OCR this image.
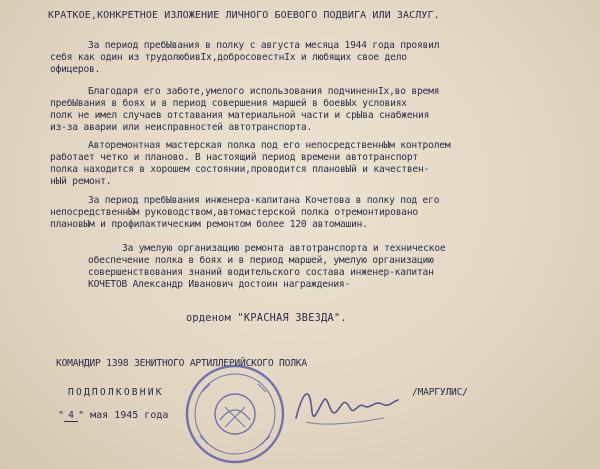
КРАТКОЕ,КОНКРЕТНОЕ ИЗЛОЖЕНИЕ ЛИЧНОГО БОЕВОГО ПОДВИГА ИЛИ ЗАСЛУГ.
За период пребЫвания в полку с августа месяца 1944 года проявил
себя как один из трудолюбивIх,добросовестнIх и любящих свое дело
офицеров.
Благодаря его заботе,умелого использования подчиненнIх,во время
пребЫвания в боях и в период совершения маршей в боевЫх условиях
полк не имел случаев отставания материальной части и срЫва снабжения
из-за аварии или неисправностей автотранспорта.
Авторемонтная мастерская полка под его непосредственнЫм контролем
работает четко и планово. В настоящий период времени автотранспорт
полка находится в хорошем состоянии,проводится плановЫй и качествен-
нЫй ремонт.
За период пребЫвания инженера-капитана Кочетова в полку под его
непосредственнЫм руководством,автомастерской полка отремонтировано
плановЫм и профилактическим ремонтом более 120 автомашин.
За умелую организацию ремонта автотранспорта и техническое
обеспечение полка в боях и в период маршей, умелую организацию
совершенствования знаний водительского состава инженер-капитан
КОЧЕТОВ Александр Иванович достоин награждения-
орденом "КРАСНАЯ ЗВЕЗДА".
КОМАНДИР 1398 ЗЕНИТНОГО АРТИЛЛЕРИЙСКОГО ПОЛКА
ПОДПОЛКОВНИК	/МАРГУЛИС/
" 4 " мая 1945 года
